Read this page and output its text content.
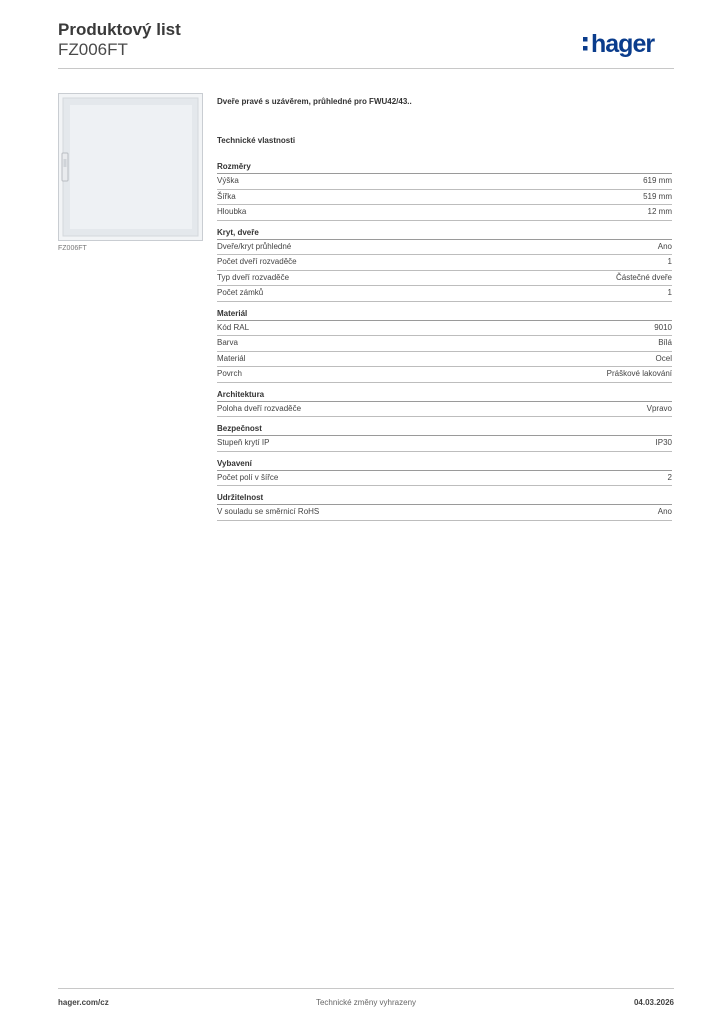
Produktový list
FZ006FT	hager
FZ006FT
Dveře pravé s uzávěrem, průhledné pro FWU42/43..
Technické vlastnosti
Rozměry
Výška	619 mm
Šířka	519 mm
Hloubka	12 mm
Kryt, dveře
Dveře/kryt průhledné	Ano
Počet dveří rozvaděče	1
Typ dveří rozvaděče	Částečné dveře
Počet zámků	1
Materiál
Kód RAL	9010
Barva	Bílá
Materiál	Ocel
Povrch	Práškové lakování
Architektura
Poloha dveří rozvaděče	Vpravo
Bezpečnost
Stupeň krytí IP	IP30
Vybavení
Počet polí v šířce	2
Udržitelnost
V souladu se směrnicí RoHS	Ano
hager.com/cz	Technické změny vyhrazeny	04.03.2026
